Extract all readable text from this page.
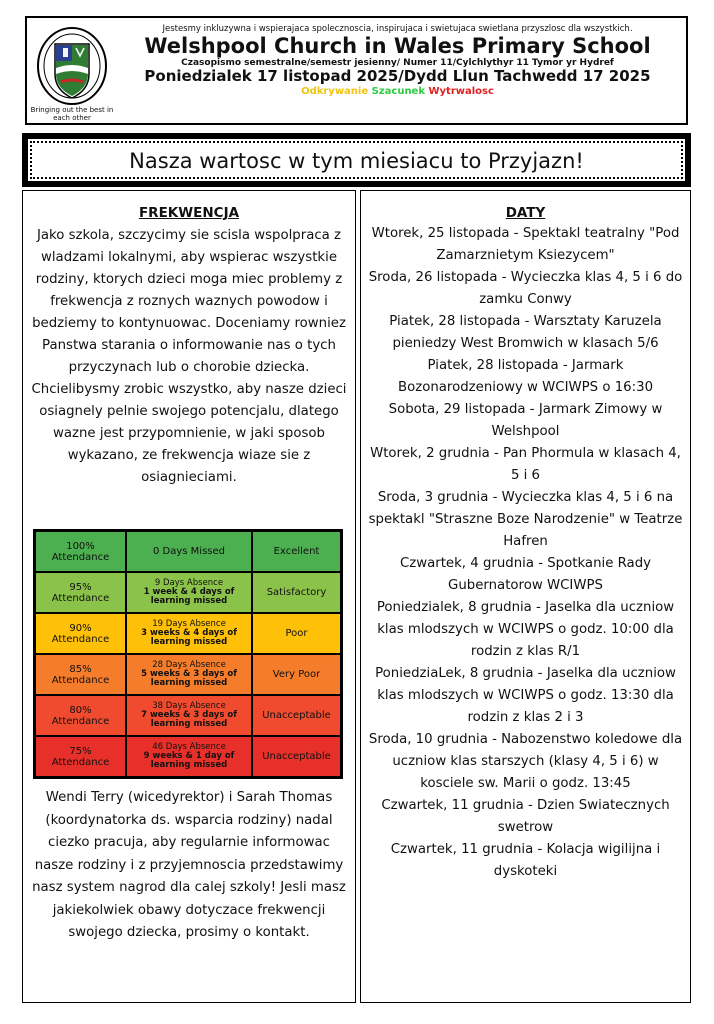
Bringing out the best in each other
Jestesmy inkluzywna i wspierajaca spolecznoscia, inspirujaca i swietujaca swietlana przyszlosc dla wszystkich.
Welshpool Church in Wales Primary School
Czasopismo semestralne/semestr jesienny/ Numer 11/Cylchlythyr 11 Tymor yr Hydref
Poniedzialek 17 listopad 2025/Dydd Llun Tachwedd 17 2025
Odkrywanie Szacunek Wytrwalosc
Nasza wartosc w tym miesiacu to Przyjazn!
FREKWENCJA
Jako szkola, szczycimy sie scisla wspolpraca z wladzami lokalnymi, aby wspierac wszystkie rodziny, ktorych dzieci moga miec problemy z frekwencja z roznych waznych powodow i bedziemy to kontynuowac. Doceniamy rowniez Panstwa starania o informowanie nas o tych przyczynach lub o chorobie dziecka. Chcielibysmy zrobic wszystko, aby nasze dzieci osiagnely pelnie swojego potencjalu, dlatego wazne jest przypomnienie, w jaki sposob wykazano, ze frekwencja wiaze sie z osiagnieciami.
100%
Attendance	0 Days Missed	Excellent
95%
Attendance
9 Days Absence
1 week & 4 days of learning missed
Satisfactory
90%
Attendance
19 Days Absence
3 weeks & 4 days of learning missed
Poor
85%
Attendance
28 Days Absence
5 weeks & 3 days of learning missed
Very Poor
80%
Attendance
38 Days Absence
7 weeks & 3 days of learning missed
Unacceptable
75%
Attendance
46 Days Absence
9 weeks & 1 day of learning missed
Unacceptable
Wendi Terry (wicedyrektor) i Sarah Thomas (koordynatorka ds. wsparcia rodziny) nadal ciezko pracuja, aby regularnie informowac nasze rodziny i z przyjemnoscia przedstawimy nasz system nagrod dla calej szkoly! Jesli masz jakiekolwiek obawy dotyczace frekwencji swojego dziecka, prosimy o kontakt.
DATY
Wtorek, 25 listopada - Spektakl teatralny "Pod Zamarznietym Ksiezycem"
Sroda, 26 listopada - Wycieczka klas 4, 5 i 6 do zamku Conwy
Piatek, 28 listopada - Warsztaty Karuzela pieniedzy West Bromwich w klasach 5/6
Piatek, 28 listopada - Jarmark Bozonarodzeniowy w WCIWPS o 16:30
Sobota, 29 listopada - Jarmark Zimowy w Welshpool
Wtorek, 2 grudnia - Pan Phormula w klasach 4, 5 i 6
Sroda, 3 grudnia - Wycieczka klas 4, 5 i 6 na spektakl "Straszne Boze Narodzenie" w Teatrze Hafren
Czwartek, 4 grudnia - Spotkanie Rady Gubernatorow WCIWPS
Poniedzialek, 8 grudnia - Jaselka dla uczniow klas mlodszych w WCIWPS o godz. 10:00 dla rodzin z klas R/1
PoniedziaLek, 8 grudnia - Jaselka dla uczniow klas mlodszych w WCIWPS o godz. 13:30 dla rodzin z klas 2 i 3
Sroda, 10 grudnia - Nabozenstwo koledowe dla uczniow klas starszych (klasy 4, 5 i 6) w kosciele sw. Marii o godz. 13:45
Czwartek, 11 grudnia - Dzien Swiatecznych swetrow
Czwartek, 11 grudnia - Kolacja wigilijna i dyskoteki
